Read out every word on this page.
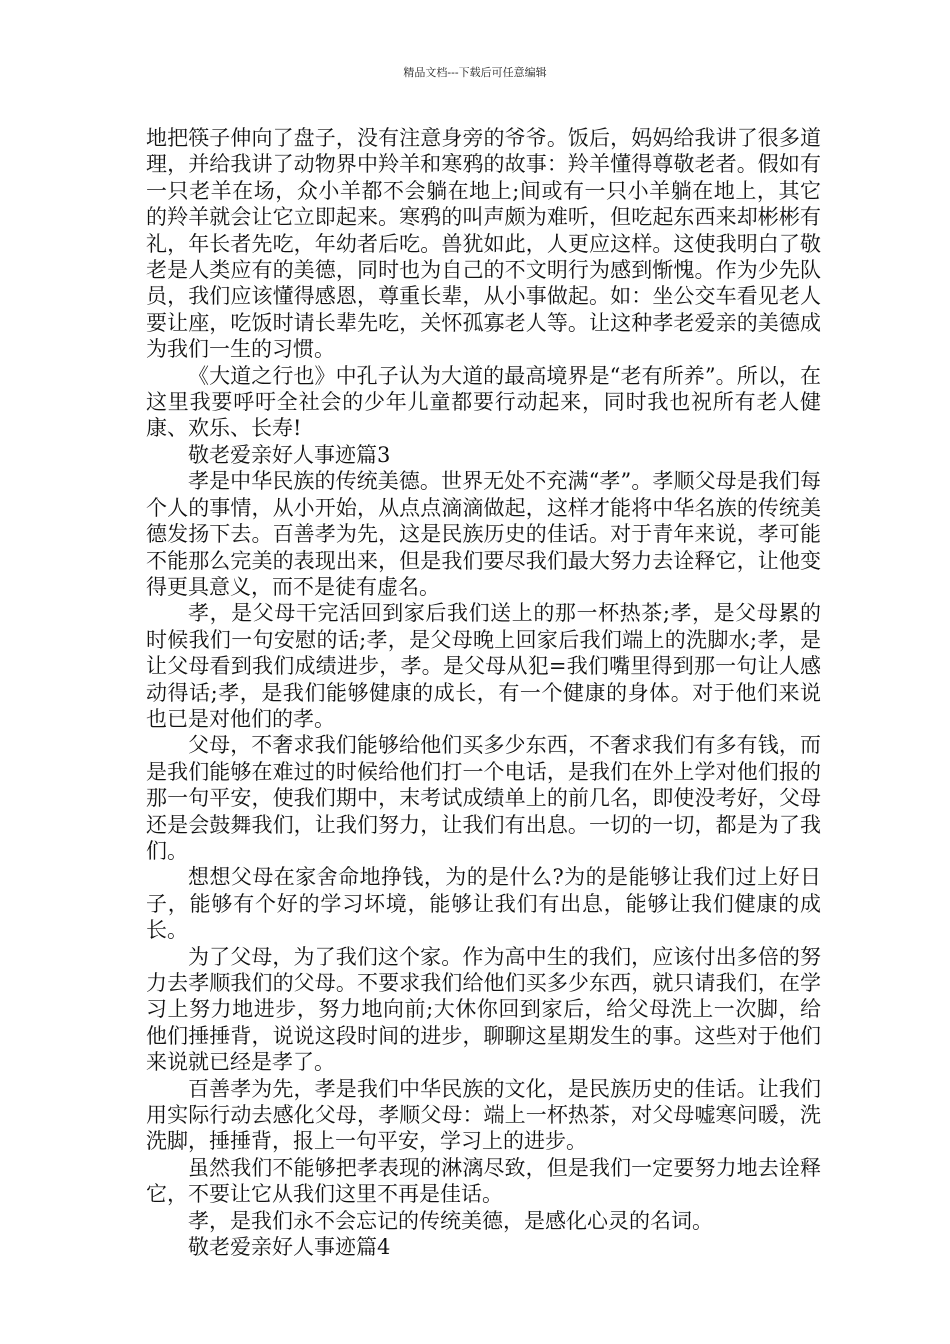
精品文档---下载后可任意编辑

地把筷子伸向了盘子，没有注意身旁的爷爷。饭后，妈妈给我讲了很多道理，并给我讲了动物界中羚羊和寒鸦的故事：羚羊懂得尊敬老者。假如有一只老羊在场，众小羊都不会躺在地上;间或有一只小羊躺在地上，其它的羚羊就会让它立即起来。寒鸦的叫声颇为难听，但吃起东西来却彬彬有礼，年长者先吃，年幼者后吃。兽犹如此，人更应这样。这使我明白了敬老是人类应有的美德，同时也为自己的不文明行为感到惭愧。作为少先队员，我们应该懂得感恩，尊重长辈，从小事做起。如：坐公交车看见老人要让座，吃饭时请长辈先吃，关怀孤寡老人等。让这种孝老爱亲的美德成为我们一生的习惯。

《大道之行也》中孔子认为大道的最高境界是“老有所养”。所以，在这里我要呼吁全社会的少年儿童都要行动起来，同时我也祝所有老人健康、欢乐、长寿!

敬老爱亲好人事迹篇3

孝是中华民族的传统美德。世界无处不充满“孝”。孝顺父母是我们每个人的事情，从小开始，从点点滴滴做起，这样才能将中华名族的传统美德发扬下去。百善孝为先，这是民族历史的佳话。对于青年来说，孝可能不能那么完美的表现出来，但是我们要尽我们最大努力去诠释它，让他变得更具意义，而不是徒有虚名。

孝，是父母干完活回到家后我们送上的那一杯热茶;孝，是父母累的时候我们一句安慰的话;孝，是父母晚上回家后我们端上的洗脚水;孝，是让父母看到我们成绩进步，孝。是父母从犯=我们嘴里得到那一句让人感动得话;孝，是我们能够健康的成长，有一个健康的身体。对于他们来说也已是对他们的孝。

父母，不奢求我们能够给他们买多少东西，不奢求我们有多有钱，而是我们能够在难过的时候给他们打一个电话，是我们在外上学对他们报的那一句平安，使我们期中，末考试成绩单上的前几名，即使没考好，父母还是会鼓舞我们，让我们努力，让我们有出息。一切的一切，都是为了我们。

想想父母在家舍命地挣钱，为的是什么?为的是能够让我们过上好日子，能够有个好的学习坏境，能够让我们有出息，能够让我们健康的成长。

为了父母，为了我们这个家。作为高中生的我们，应该付出多倍的努力去孝顺我们的父母。不要求我们给他们买多少东西，就只请我们，在学习上努力地进步，努力地向前;大休你回到家后，给父母洗上一次脚，给他们捶捶背，说说这段时间的进步，聊聊这星期发生的事。这些对于他们来说就已经是孝了。

百善孝为先，孝是我们中华民族的文化，是民族历史的佳话。让我们用实际行动去感化父母，孝顺父母：端上一杯热茶，对父母嘘寒问暖，洗洗脚，捶捶背，报上一句平安，学习上的进步。

虽然我们不能够把孝表现的淋漓尽致，但是我们一定要努力地去诠释它，不要让它从我们这里不再是佳话。

孝，是我们永不会忘记的传统美德，是感化心灵的名词。

敬老爱亲好人事迹篇4
